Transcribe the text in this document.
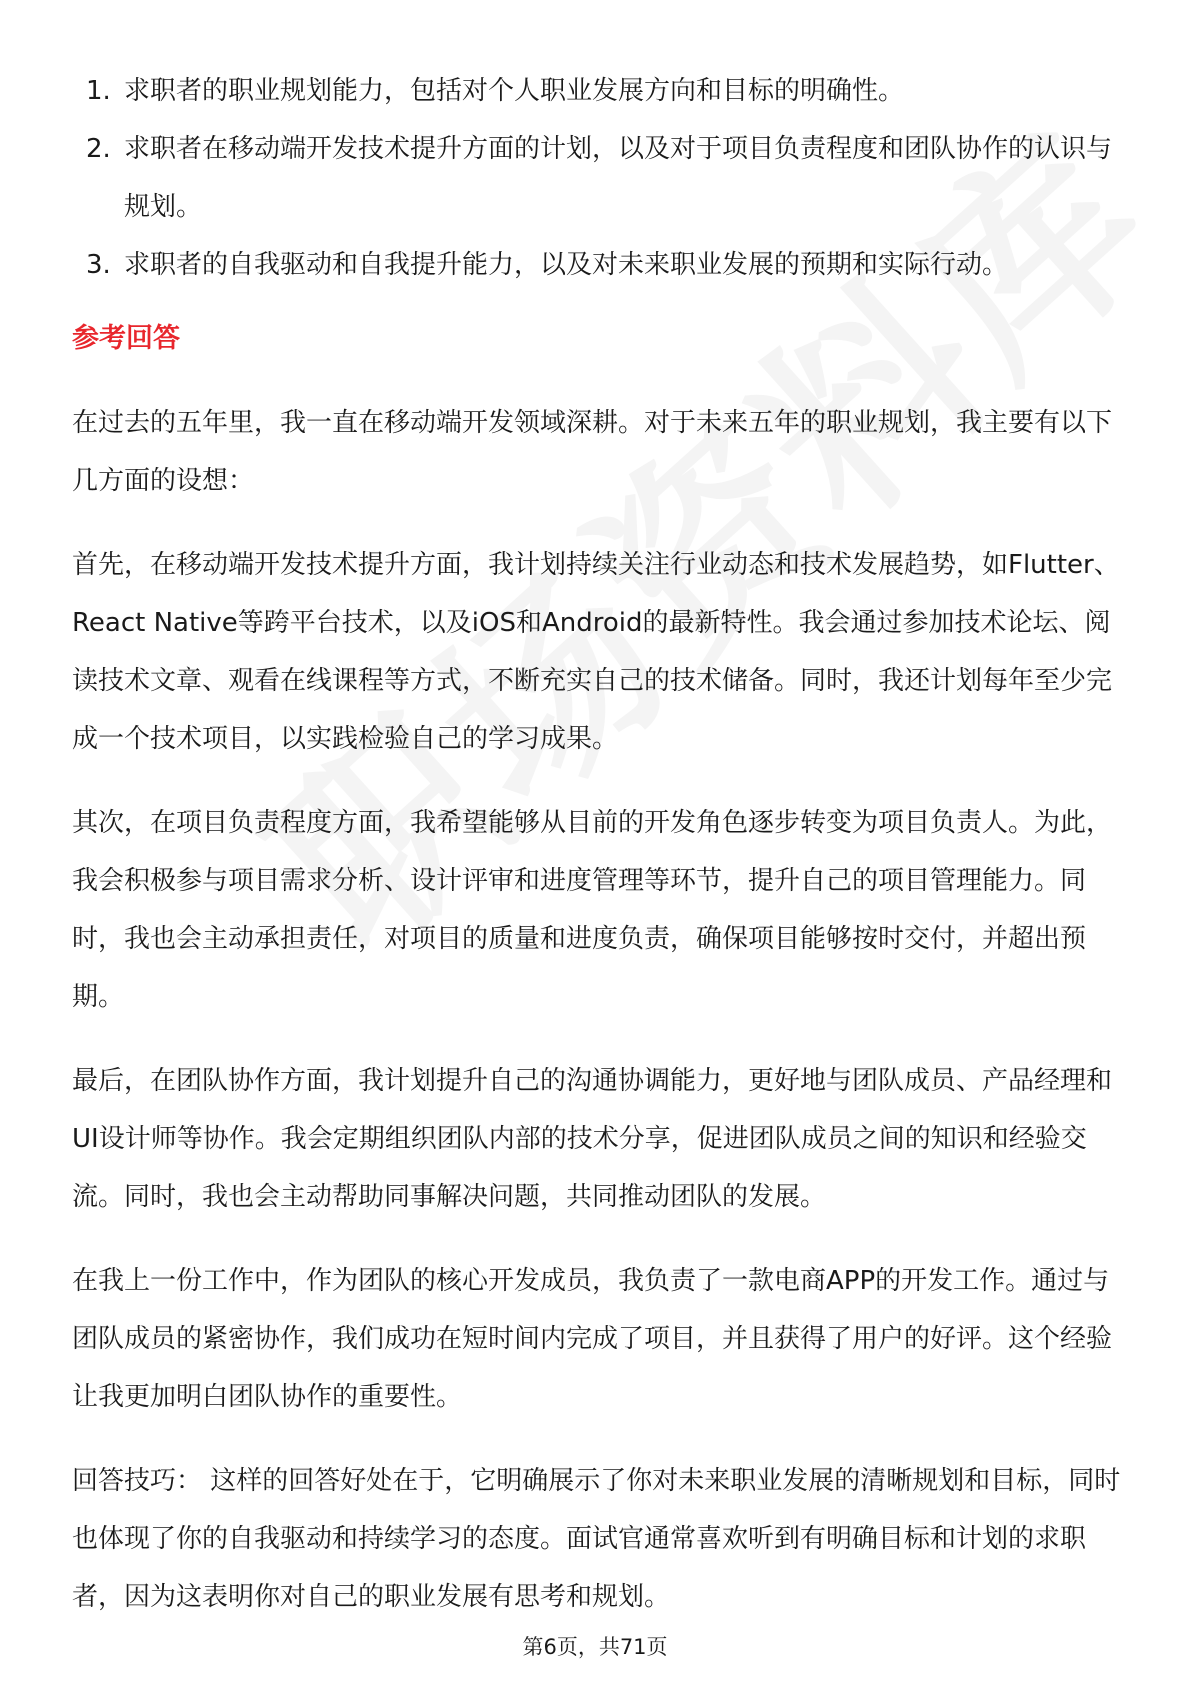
1. 求职者的职业规划能力，包括对个人职业发展方向和目标的明确性。
2. 求职者在移动端开发技术提升方面的计划，以及对于项目负责程度和团队协作的认识与规划。
3. 求职者的自我驱动和自我提升能力，以及对未来职业发展的预期和实际行动。
参考回答

在过去的五年里，我一直在移动端开发领域深耕。对于未来五年的职业规划，我主要有以下几方面的设想：

首先，在移动端开发技术提升方面，我计划持续关注行业动态和技术发展趋势，如Flutter、React Native等跨平台技术，以及iOS和Android的最新特性。我会通过参加技术论坛、阅读技术文章、观看在线课程等方式，不断充实自己的技术储备。同时，我还计划每年至少完成一个技术项目，以实践检验自己的学习成果。

其次，在项目负责程度方面，我希望能够从目前的开发角色逐步转变为项目负责人。为此，我会积极参与项目需求分析、设计评审和进度管理等环节，提升自己的项目管理能力。同时，我也会主动承担责任，对项目的质量和进度负责，确保项目能够按时交付，并超出预期。

最后，在团队协作方面，我计划提升自己的沟通协调能力，更好地与团队成员、产品经理和UI设计师等协作。我会定期组织团队内部的技术分享，促进团队成员之间的知识和经验交流。同时，我也会主动帮助同事解决问题，共同推动团队的发展。

在我上一份工作中，作为团队的核心开发成员，我负责了一款电商APP的开发工作。通过与团队成员的紧密协作，我们成功在短时间内完成了项目，并且获得了用户的好评。这个经验让我更加明白团队协作的重要性。

回答技巧： 这样的回答好处在于，它明确展示了你对未来职业发展的清晰规划和目标，同时也体现了你的自我驱动和持续学习的态度。面试官通常喜欢听到有明确目标和计划的求职者，因为这表明你对自己的职业发展有思考和规划。

第6页，共71页
